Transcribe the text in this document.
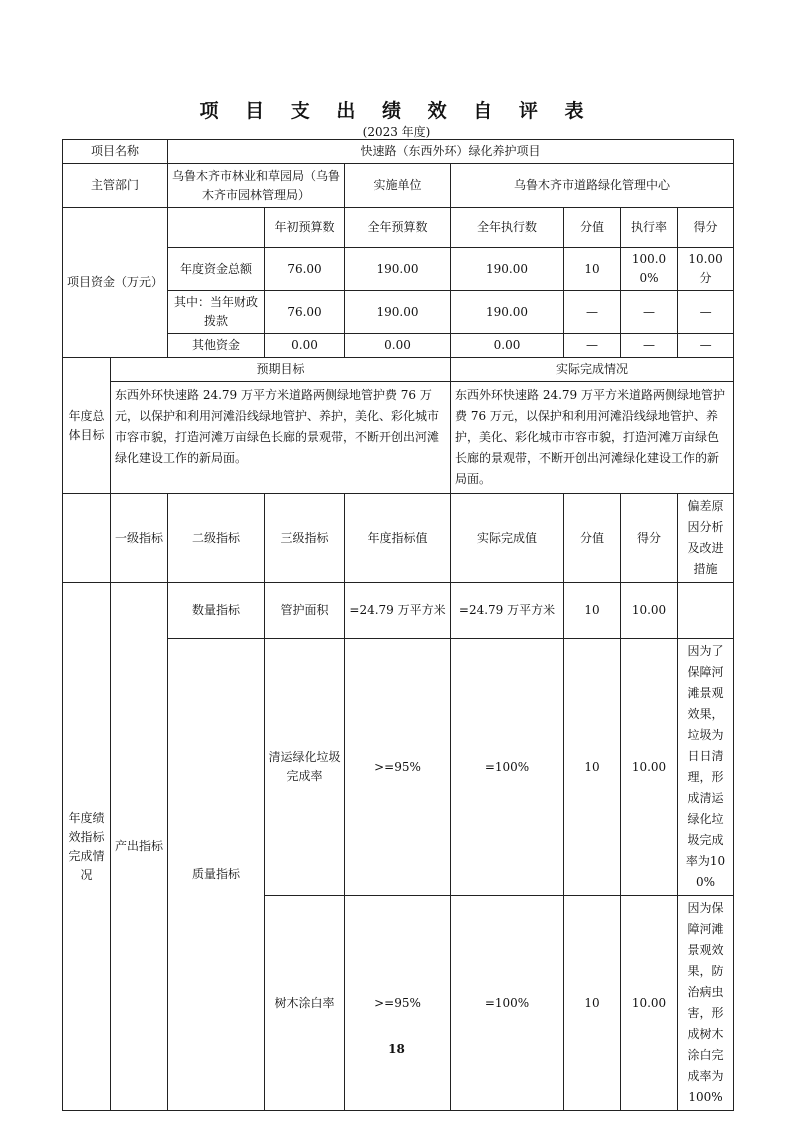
项 目 支 出 绩 效 自 评 表
(2023 年度)
项目名称		快速路（东西外环）绿化养护项目						
主管部门		乌鲁木齐市林业和草园局（乌鲁木齐市园林管理局）		实施单位	乌鲁木齐市道路绿化管理中心			
项目资金（万元）			年初预算数	全年预算数	全年执行数	分值	执行率	得分
		年度资金总额	76.00	190.00	190.00	10	100.00%	10.00 分
		其中：当年财政拨款	76.00	190.00	190.00	—	—	—
		其他资金	0.00	0.00	0.00	—	—	—
年度总体目标	预期目标				实际完成情况			
	东西外环快速路 24.79 万平方米道路两侧绿地管护费 76 万元，以保护和利用河滩沿线绿地管护、养护，美化、彩化城市市容市貌，打造河滩万亩绿色长廊的景观带，不断开创出河滩绿化建设工作的新局面。				东西外环快速路 24.79 万平方米道路两侧绿地管护费 76 万元，以保护和利用河滩沿线绿地管护、养护，美化、彩化城市市容市貌，打造河滩万亩绿色长廊的景观带，不断开创出河滩绿化建设工作的新局面。			
	一级指标	二级指标	三级指标	年度指标值	实际完成值	分值	得分	偏差原因分析及改进措施
年度绩效指标完成情况	产出指标	数量指标	管护面积	=24.79 万平方米	=24.79 万平方米	10	10.00	
		质量指标	清运绿化垃圾完成率	>=95%	=100%	10	10.00	因为了保障河滩景观效果，垃圾为日日清理，形成清运绿化垃圾完成率为100%
			树木涂白率	>=95%	=100%	10	10.00	因为保障河滩景观效果，防治病虫害，形成树木涂白完成率为 100%
18
